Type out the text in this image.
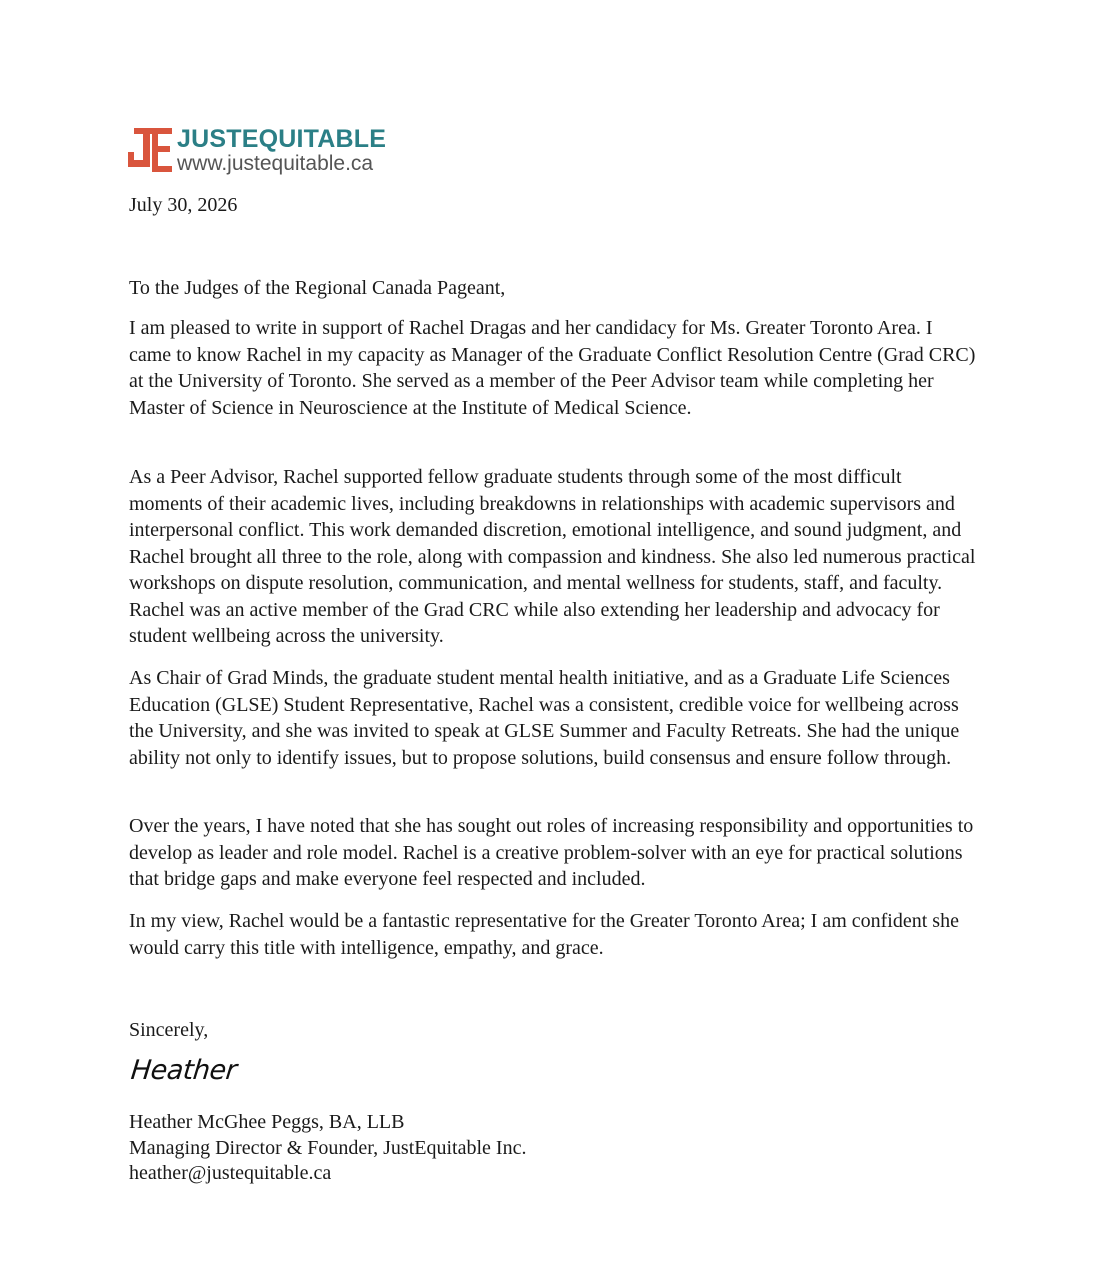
JUSTEQUITABLE
www.justequitable.ca

July 30, 2026

To the Judges of the Regional Canada Pageant,

I am pleased to write in support of Rachel Dragas and her candidacy for Ms. Greater Toronto Area. I came to know Rachel in my capacity as Manager of the Graduate Conflict Resolution Centre (Grad CRC) at the University of Toronto. She served as a member of the Peer Advisor team while completing her Master of Science in Neuroscience at the Institute of Medical Science.

As a Peer Advisor, Rachel supported fellow graduate students through some of the most difficult moments of their academic lives, including breakdowns in relationships with academic supervisors and interpersonal conflict. This work demanded discretion, emotional intelligence, and sound judgment, and Rachel brought all three to the role, along with compassion and kindness. She also led numerous practical workshops on dispute resolution, communication, and mental wellness for students, staff, and faculty. Rachel was an active member of the Grad CRC while also extending her leadership and advocacy for student wellbeing across the university.

As Chair of Grad Minds, the graduate student mental health initiative, and as a Graduate Life Sciences Education (GLSE) Student Representative, Rachel was a consistent, credible voice for wellbeing across the University, and she was invited to speak at GLSE Summer and Faculty Retreats. She had the unique ability not only to identify issues, but to propose solutions, build consensus and ensure follow through.

Over the years, I have noted that she has sought out roles of increasing responsibility and opportunities to develop as leader and role model. Rachel is a creative problem-solver with an eye for practical solutions that bridge gaps and make everyone feel respected and included.

In my view, Rachel would be a fantastic representative for the Greater Toronto Area; I am confident she would carry this title with intelligence, empathy, and grace.

Sincerely,

Heather
Heather McGhee Peggs, BA, LLB
Managing Director & Founder, JustEquitable Inc.
heather@justequitable.ca
